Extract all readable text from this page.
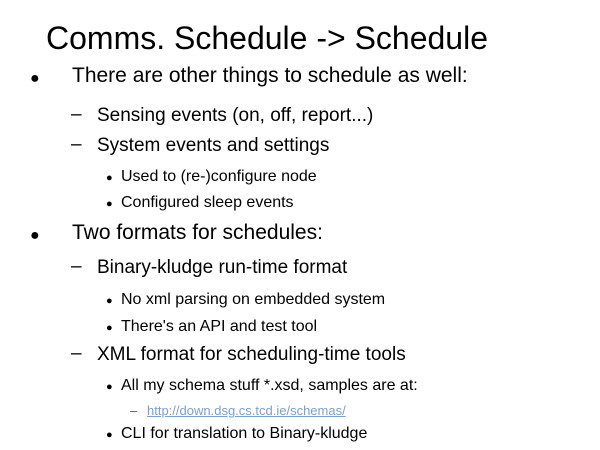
Comms. Schedule -> Schedule
● There are other things to schedule as well:
– Sensing events (on, off, report...)
– System events and settings
● Used to (re-)configure node
● Configured sleep events
● Two formats for schedules:
– Binary-kludge run-time format
● No xml parsing on embedded system
● There's an API and test tool
– XML format for scheduling-time tools
● All my schema stuff *.xsd, samples are at:
– http://down.dsg.cs.tcd.ie/schemas/
● CLI for translation to Binary-kludge
